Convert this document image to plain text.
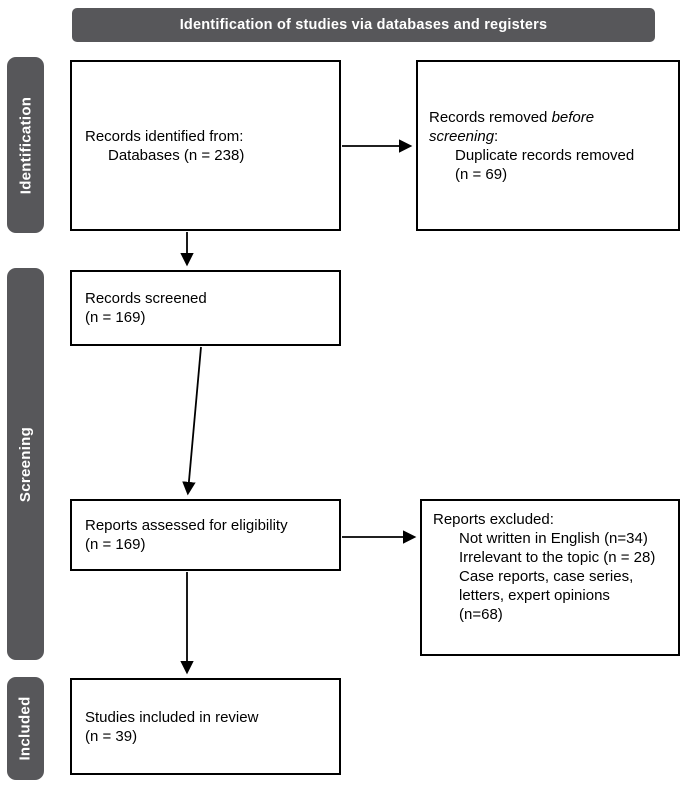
Identification of studies via databases and registers
Identification
Screening
Included
Records identified from:
Databases (n = 238)
Records removed before
screening:
Duplicate records removed
(n = 69)
Records screened
(n = 169)
Reports assessed for eligibility
(n = 169)
Reports excluded:
Not written in English (n=34)
Irrelevant to the topic (n = 28)
Case reports, case series,
letters, expert opinions
(n=68)
Studies included in review
(n = 39)
